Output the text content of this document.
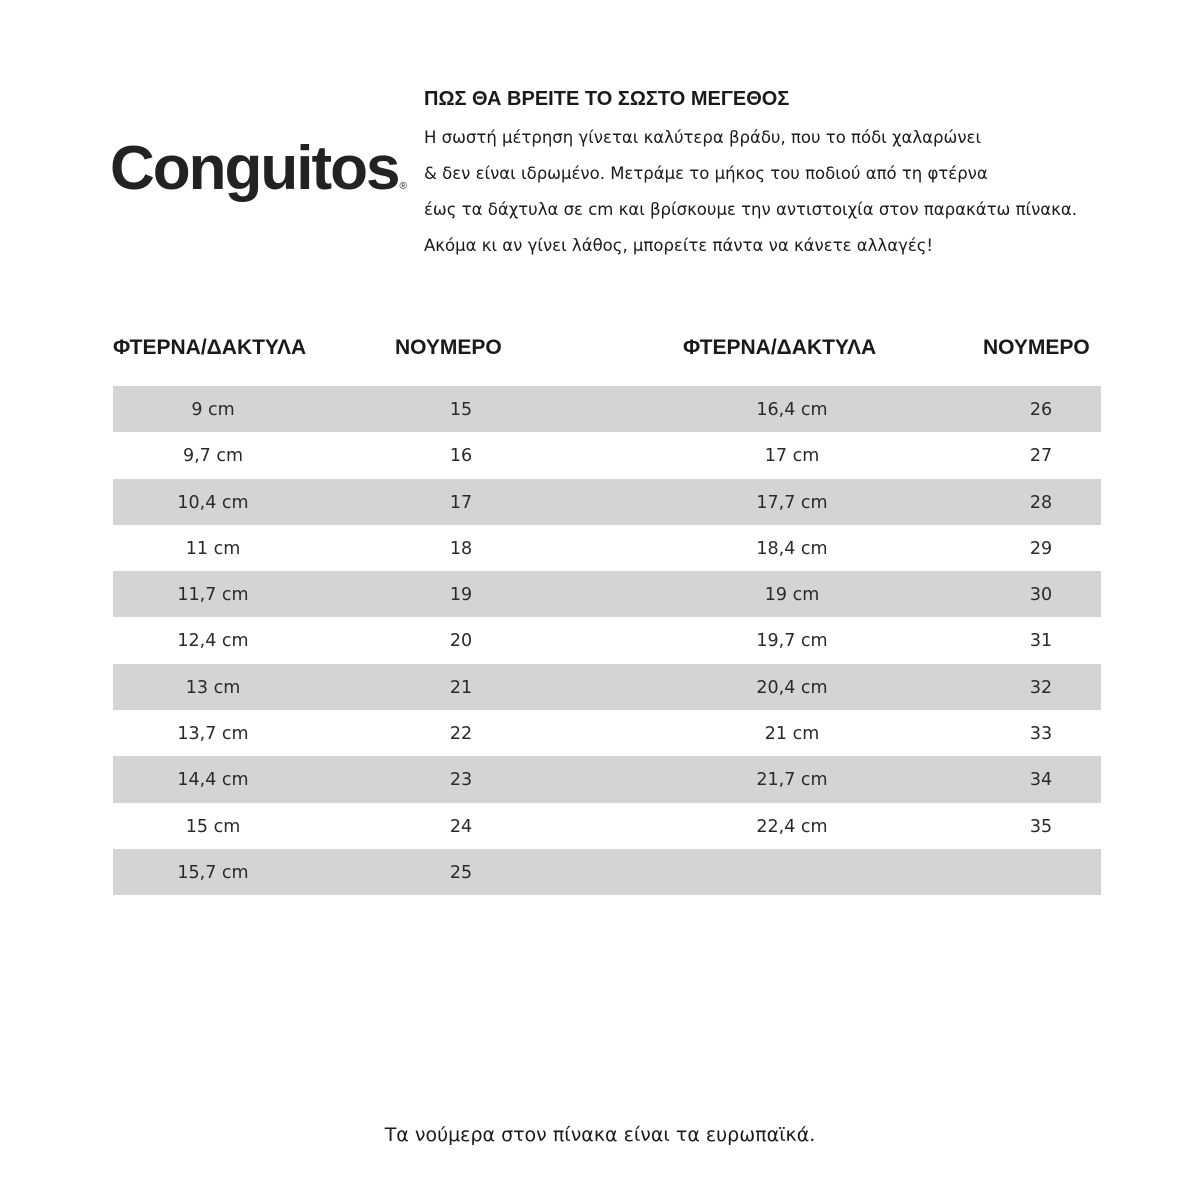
Conguitos®
ΠΩΣ ΘΑ ΒΡΕΙΤΕ ΤΟ ΣΩΣΤΟ ΜΕΓΕΘΟΣ
Η σωστή μέτρηση γίνεται καλύτερα βράδυ, που το πόδι χαλαρώνει
& δεν είναι ιδρωμένο. Μετράμε το μήκος του ποδιού από τη φτέρνα
έως τα δάχτυλα σε cm και βρίσκουμε την αντιστοιχία στον παρακάτω πίνακα.
Ακόμα κι αν γίνει λάθος, μπορείτε πάντα να κάνετε αλλαγές!
ΦΤΕΡΝΑ/ΔΑΚΤΥΛΑ	ΝΟΥΜΕΡΟ	ΦΤΕΡΝΑ/ΔΑΚΤΥΛΑ	ΝΟΥΜΕΡΟ
9 cm	15	16,4 cm	26
9,7 cm	16	17 cm	27
10,4 cm	17	17,7 cm	28
11 cm	18	18,4 cm	29
11,7 cm	19	19 cm	30
12,4 cm	20	19,7 cm	31
13 cm	21	20,4 cm	32
13,7 cm	22	21 cm	33
14,4 cm	23	21,7 cm	34
15 cm	24	22,4 cm	35
15,7 cm	25
Τα νούμερα στον πίνακα είναι τα ευρωπαϊκά.
